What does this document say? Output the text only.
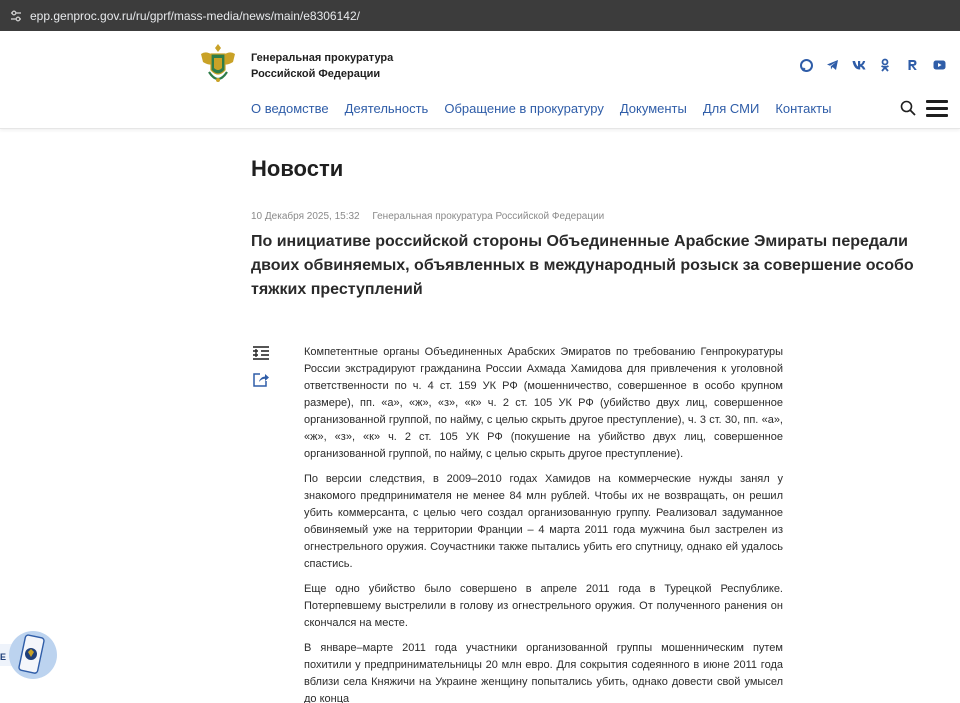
epp.genproc.gov.ru/ru/gprf/mass-media/news/main/e8306142/
Генеральная прокуратура
Российской Федерации
О ведомстве Деятельность Обращение в прокуратуру Документы Для СМИ Контакты
Новости
10 Декабря 2025, 15:32 Генеральная прокуратура Российской Федерации
По инициативе российской стороны Объединенные Арабские Эмираты передали двоих обвиняемых, объявленных в международный розыск за совершение особо тяжких преступлений

Компетентные органы Объединенных Арабских Эмиратов по требованию Генпрокуратуры России экстрадируют гражданина России Ахмада Хамидова для привлечения к уголовной ответственности по ч. 4 ст. 159 УК РФ (мошенничество, совершенное в особо крупном размере), пп. «а», «ж», «з», «к» ч. 2 ст. 105 УК РФ (убийство двух лиц, совершенное организованной группой, по найму, с целью скрыть другое преступление), ч. 3 ст. 30, пп. «а», «ж», «з», «к» ч. 2 ст. 105 УК РФ (покушение на убийство двух лиц, совершенное организованной группой, по найму, с целью скрыть другое преступление).

По версии следствия, в 2009–2010 годах Хамидов на коммерческие нужды занял у знакомого предпринимателя не менее 84 млн рублей. Чтобы их не возвращать, он решил убить коммерсанта, с целью чего создал организованную группу. Реализовал задуманное обвиняемый уже на территории Франции – 4 марта 2011 года мужчина был застрелен из огнестрельного оружия. Соучастники также пытались убить его спутницу, однако ей удалось спастись.

Еще одно убийство было совершено в апреле 2011 года в Турецкой Республике. Потерпевшему выстрелили в голову из огнестрельного оружия. От полученного ранения он скончался на месте.

В январе–марте 2011 года участники организованной группы мошенническим путем похитили у предпринимательницы 20 млн евро. Для сокрытия содеянного в июне 2011 года вблизи села Княжичи на Украине женщину попытались убить, однако довести свой умысел до конца

E
